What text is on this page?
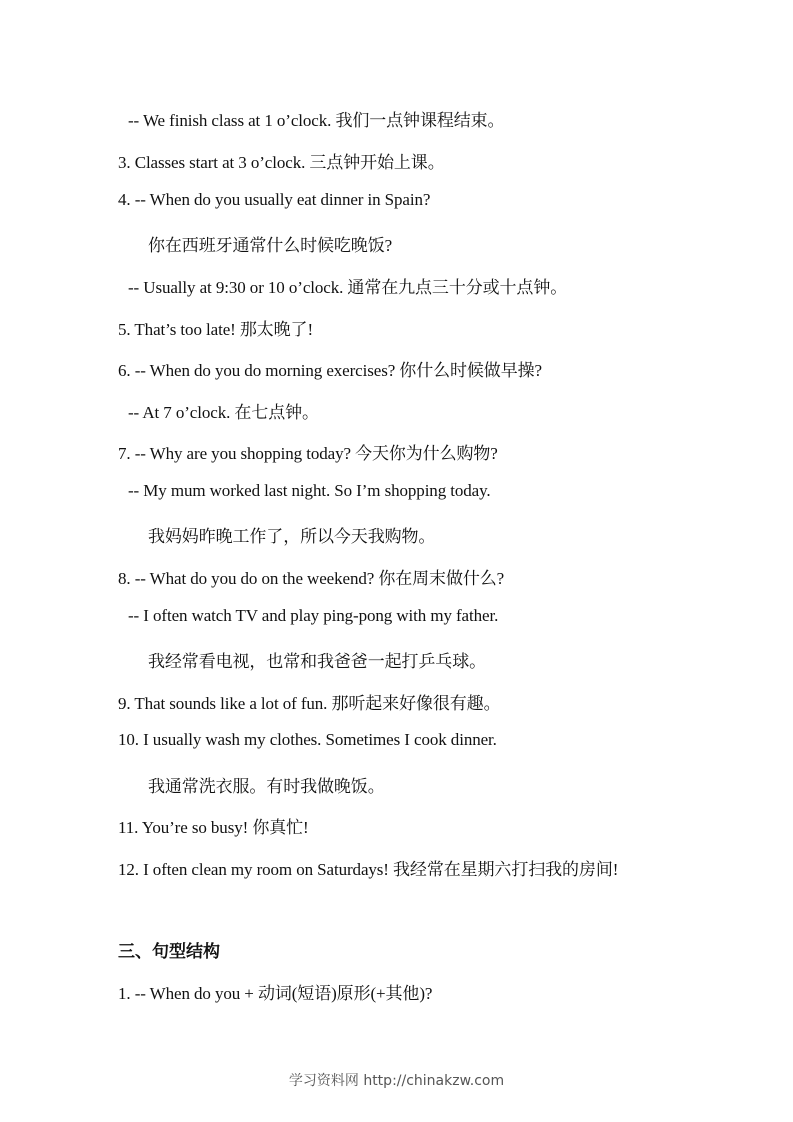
-- We finish class at 1 o’clock. 我们一点钟课程结束。
3. Classes start at 3 o’clock. 三点钟开始上课。
4. -- When do you usually eat dinner in Spain?
你在西班牙通常什么时候吃晚饭?
-- Usually at 9:30 or 10 o’clock. 通常在九点三十分或十点钟。
5. That’s too late! 那太晚了!
6. -- When do you do morning exercises? 你什么时候做早操?
-- At 7 o’clock. 在七点钟。
7. -- Why are you shopping today? 今天你为什么购物?
-- My mum worked last night. So I’m shopping today.
我妈妈昨晚工作了，所以今天我购物。
8. -- What do you do on the weekend? 你在周末做什么?
-- I often watch TV and play ping-pong with my father.
我经常看电视，也常和我爸爸一起打乒乓球。
9. That sounds like a lot of fun. 那听起来好像很有趣。
10. I usually wash my clothes. Sometimes I cook dinner.
我通常洗衣服。有时我做晚饭。
11. You’re so busy! 你真忙!
12. I often clean my room on Saturdays! 我经常在星期六打扫我的房间!
三、句型结构
1. -- When do you + 动词(短语)原形(+其他)?
学习资料网 http://chinakzw.com
